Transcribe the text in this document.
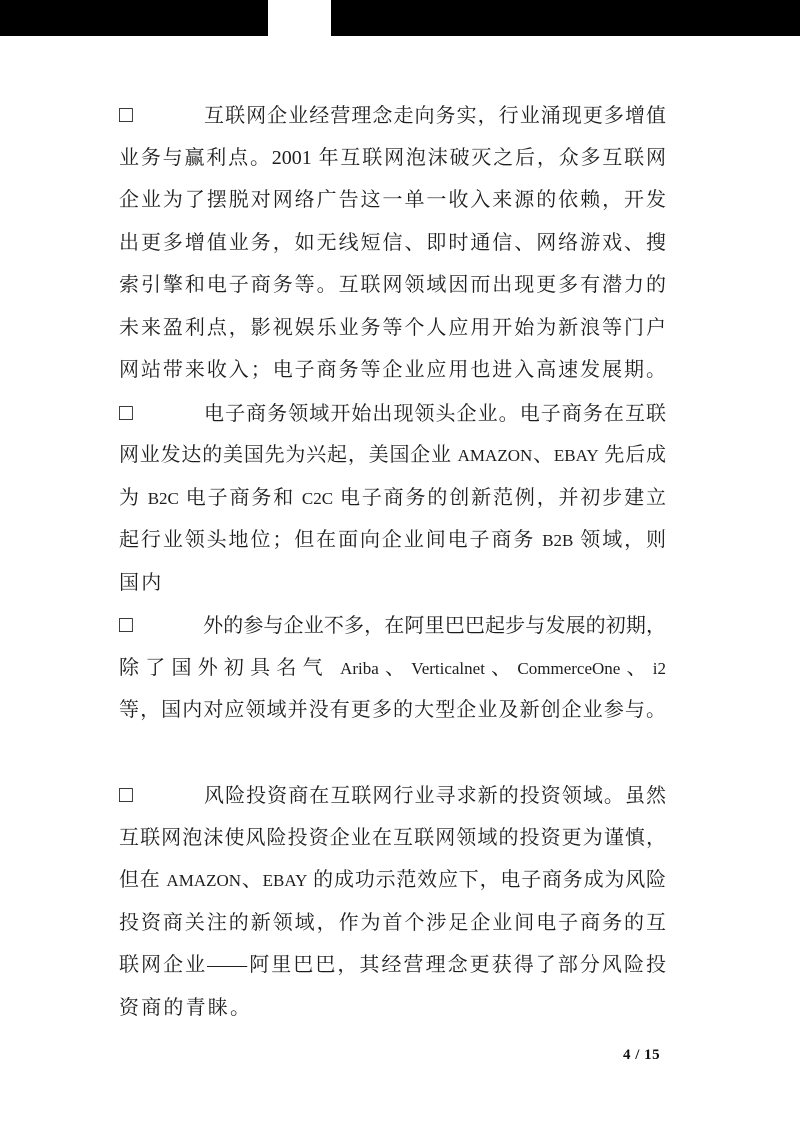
□	互联网企业经营理念走向务实，行业涌现更多增值
业务与赢利点。2001 年互联网泡沫破灭之后，众多互联网
企业为了摆脱对网络广告这一单一收入来源的依赖，开发
出更多增值业务，如无线短信、即时通信、网络游戏、搜
索引擎和电子商务等。互联网领域因而出现更多有潜力的
未来盈利点，影视娱乐业务等个人应用开始为新浪等门户
网站带来收入；电子商务等企业应用也进入高速发展期。
□	电子商务领域开始出现领头企业。电子商务在互联
网业发达的美国先为兴起，美国企业 AMAZON、EBAY 先后成
为 B2C 电子商务和 C2C 电子商务的创新范例，并初步建立
起行业领头地位；但在面向企业间电子商务 B2B 领域，则
国内
□	外的参与企业不多，在阿里巴巴起步与发展的初期，
除了国外初具名气 Ariba、Verticalnet、CommerceOne、i2
等，国内对应领域并没有更多的大型企业及新创企业参与。
□	风险投资商在互联网行业寻求新的投资领域。虽然
互联网泡沫使风险投资企业在互联网领域的投资更为谨慎，
但在 AMAZON、EBAY 的成功示范效应下，电子商务成为风险
投资商关注的新领域，作为首个涉足企业间电子商务的互
联网企业——阿里巴巴，其经营理念更获得了部分风险投
资商的青睐。
4 / 15
